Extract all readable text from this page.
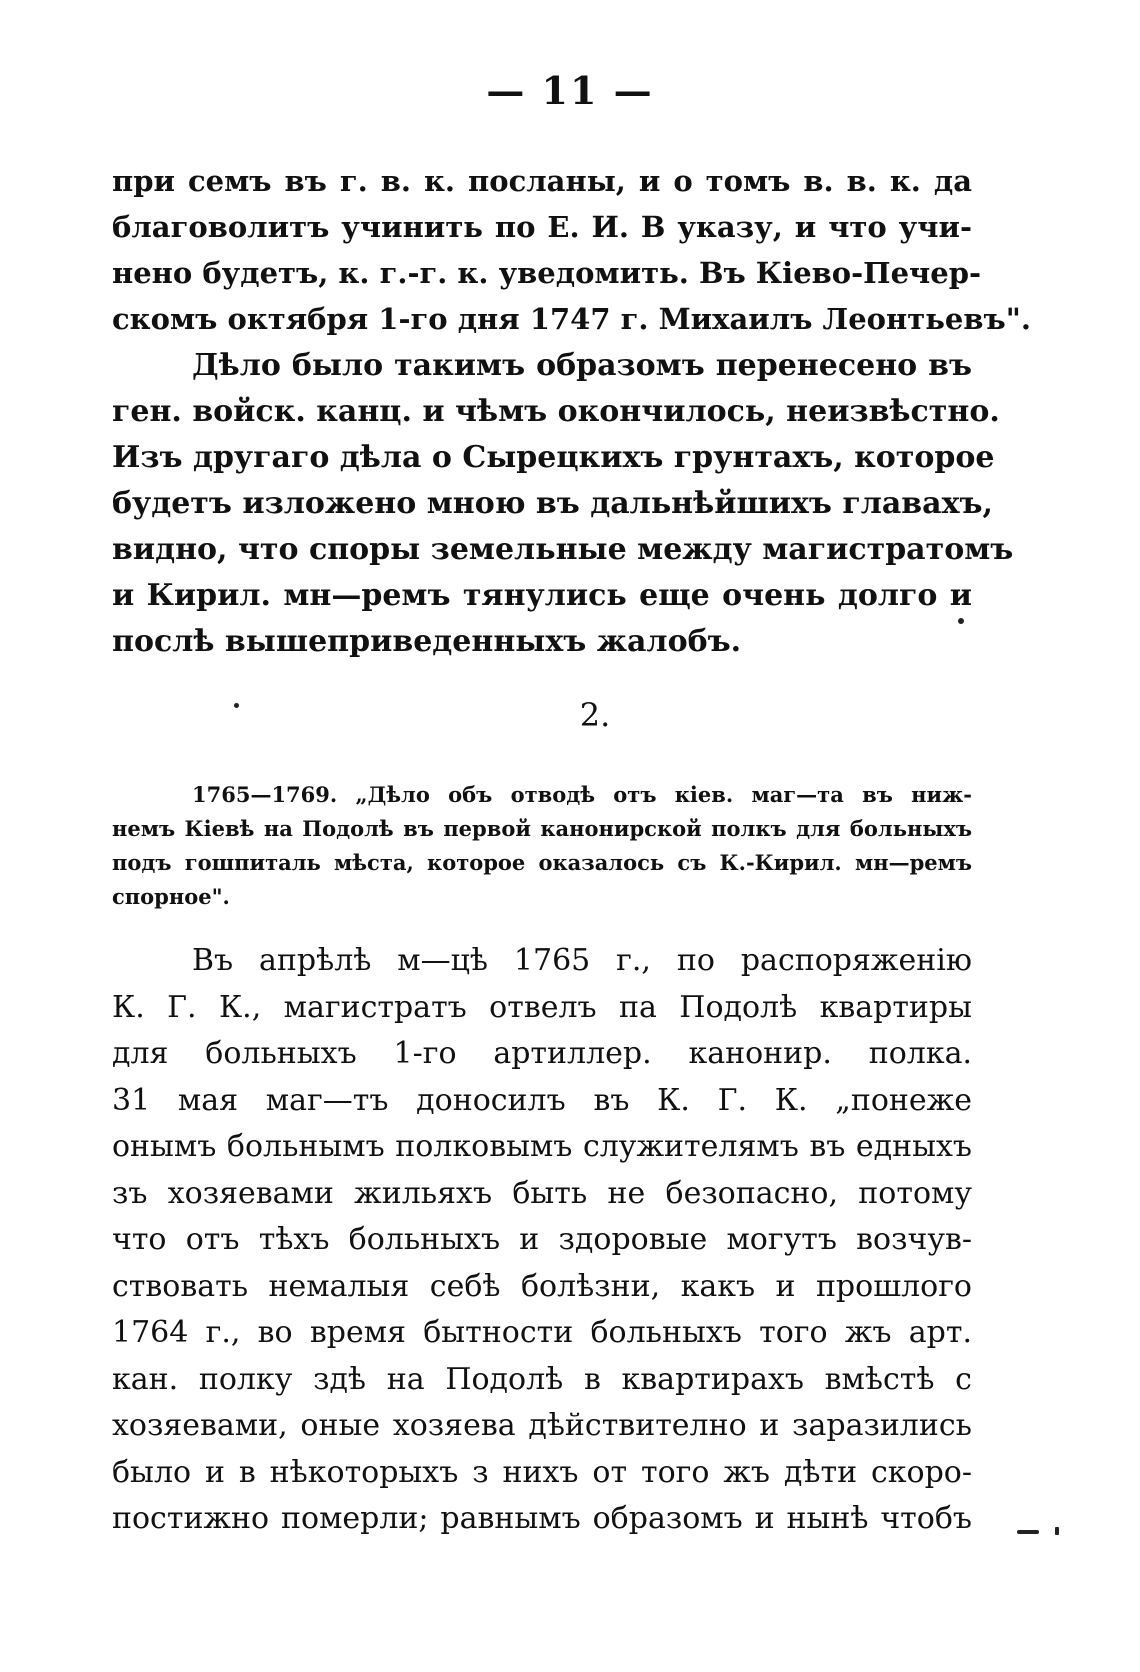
— 11 —
при семъ въ г. в. к. посланы, и о томъ в. в. к. да
благоволитъ учинить по Е. И. В указу, и что учи-
нено будетъ, к. г.-г. к. уведомить. Въ Кіево-Печер-
скомъ октября 1-го дня 1747 г. Михаилъ Леонтьевъ".
Дѣло было такимъ образомъ перенесено въ
ген. войск. канц. и чѣмъ окончилось, неизвѣстно.
Изъ другаго дѣла о Сырецкихъ грунтахъ, которое
будетъ изложено мною въ дальнѣйшихъ главахъ,
видно, что споры земельные между магистратомъ
и Кирил. мн—ремъ тянулись еще очень долго и
послѣ вышеприведенныхъ жалобъ.
2.
1765—1769. „Дѣло объ отводѣ отъ кіев. маг—та въ ниж-
немъ Кіевѣ на Подолѣ въ первой канонирской полкъ для больныхъ
подъ гошпиталь мѣста, которое оказалось съ К.-Кирил. мн—ремъ
спорное".
Въ апрѣлѣ м—цѣ 1765 г., по распоряженію
К. Г. К., магистратъ отвелъ па Подолѣ квартиры
для больныхъ 1-го артиллер. канонир. полка.
31 мая маг—тъ доносилъ въ К. Г. К. „понеже
онымъ больнымъ полковымъ служителямъ въ едныхъ
зъ хозяевами жильяхъ быть не безопасно, потому
что отъ тѣхъ больныхъ и здоровые могутъ возчув-
ствовать немалыя себѣ болѣзни, какъ и прошлого
1764 г., во время бытности больныхъ того жъ арт.
кан. полку здѣ на Подолѣ в квартирахъ вмѣстѣ с
хозяевами, оные хозяева дѣйствително и заразились
было и в нѣкоторыхъ з нихъ от того жъ дѣти скоро-
постижно померли; равнымъ образомъ и нынѣ чтобъ
